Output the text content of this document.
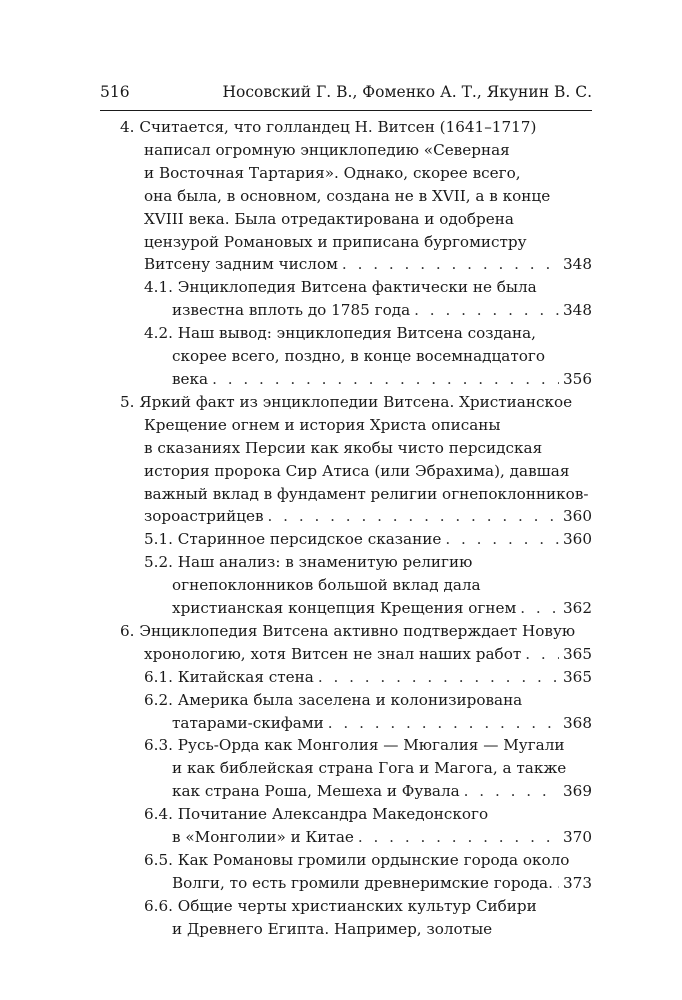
516	Носовский Г. В., Фоменко А. Т., Якунин В. С.
4. Считается, что голландец Н. Витсен (1641–1717)
написал огромную энциклопедию «Северная
и Восточная Тартария». Однако, скорее всего,
она была, в основном, создана не в XVII, а в конце
XVIII века. Была отредактирована и одобрена
цензурой Романовых и приписана бургомистру
Витсену задним числом . . .	348
4.1. Энциклопедия Витсена фактически не была
известна вплоть до 1785 года . . .	348
4.2. Наш вывод: энциклопедия Витсена создана,
скорее всего, поздно, в конце восемнадцатого
века . . .	356
5. Яркий факт из энциклопедии Витсена. Христианское
Крещение огнем и история Христа описаны
в сказаниях Персии как якобы чисто персидская
история пророка Сир Атиса (или Эбрахима), давшая
важный вклад в фундамент религии огнепоклонников-
зороастрийцев . . .	360
5.1. Старинное персидское сказание . . .	360
5.2. Наш анализ: в знаменитую религию
огнепоклонников большой вклад дала
христианская концепция Крещения огнем . . .	362
6. Энциклопедия Витсена активно подтверждает Новую
хронологию, хотя Витсен не знал наших работ . . .	365
6.1. Китайская стена . . .	365
6.2. Америка была заселена и колонизирована
татарами-скифами . . .	368
6.3. Русь-Орда как Монголия — Мюгалия — Мугали
и как библейская страна Гога и Магога, а также
как страна Роша, Мешеха и Фувала . . .	369
6.4. Почитание Александра Македонского
в «Монголии» и Китае . . .	370
6.5. Как Романовы громили ордынские города около
Волги, то есть громили древнеримские города. . . . 373
6.6. Общие черты христианских культур Сибири
и Древнего Египта. Например, золотые
